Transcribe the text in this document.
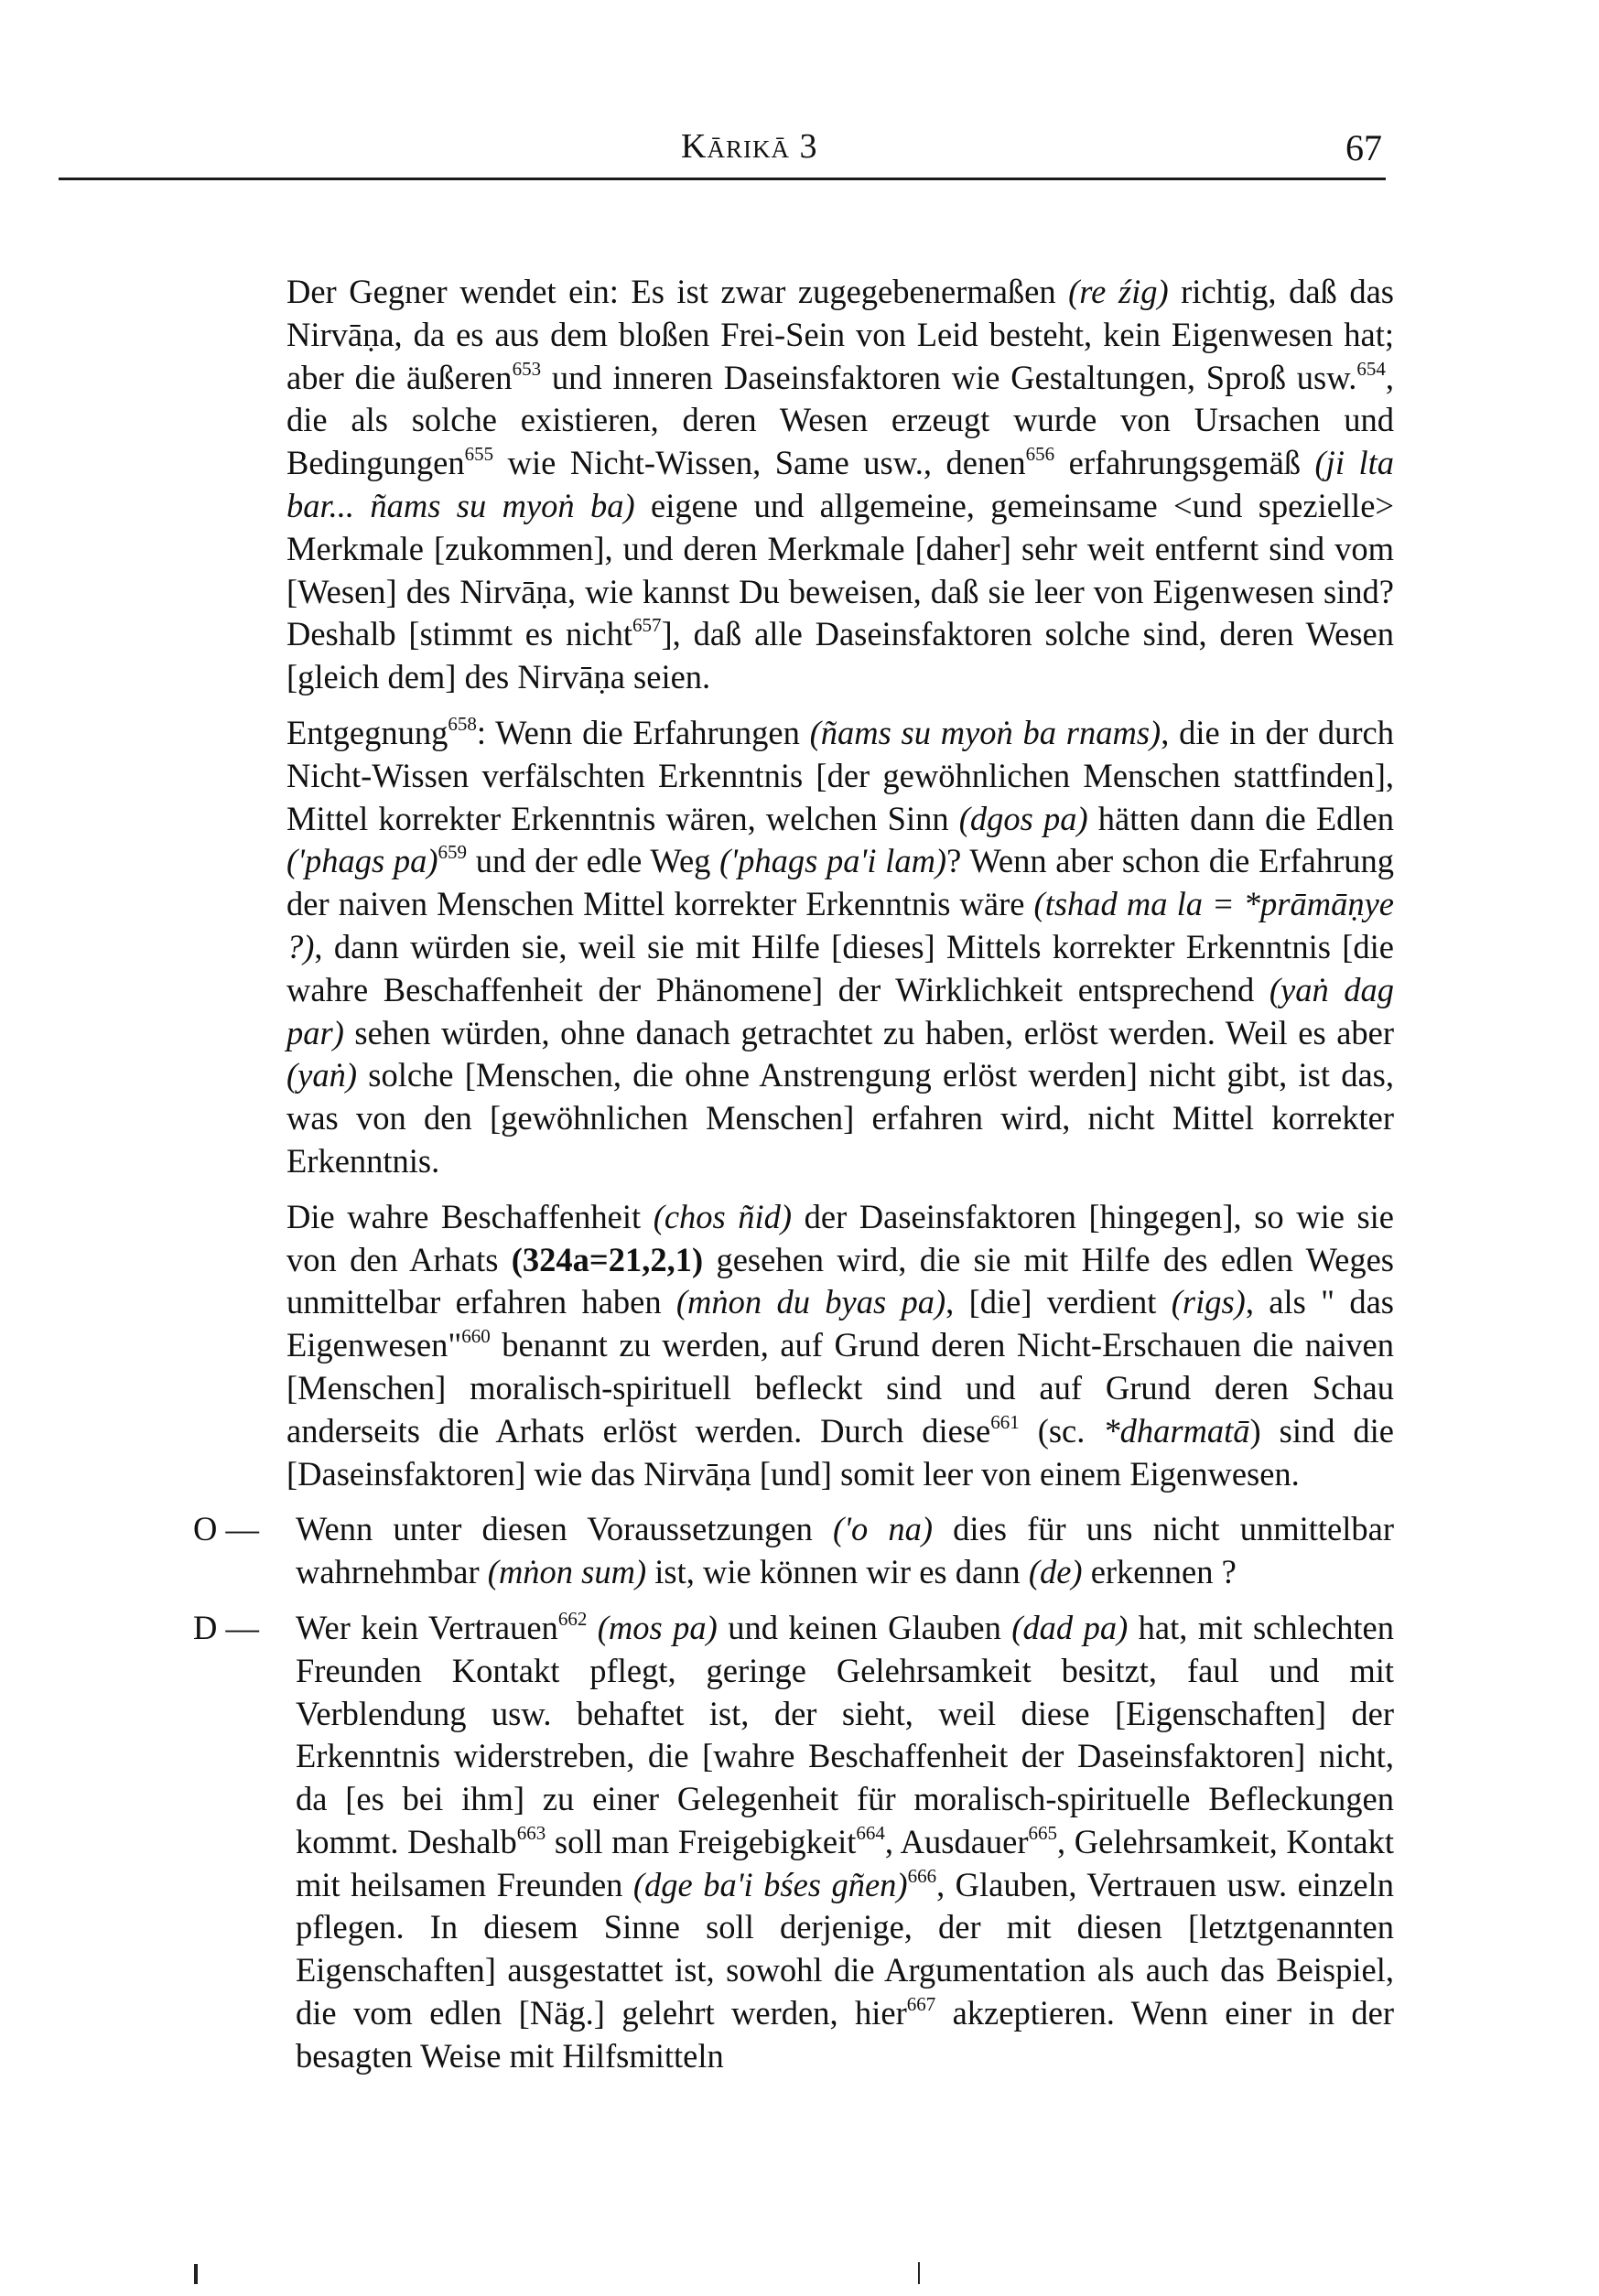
Kārikā 3	67

Der Gegner wendet ein: Es ist zwar zugegebenermaßen (re źig) richtig, daß das Nirvāṇa, da es aus dem bloßen Frei-Sein von Leid besteht, kein Eigenwesen hat; aber die äußeren$^{653}$ und inneren Daseinsfaktoren wie Gestaltungen, Sproß usw.$^{654}$, die als solche existieren, deren Wesen erzeugt wurde von Ursachen und Bedingungen$^{655}$ wie Nicht-Wissen, Same usw., denen$^{656}$ erfahrungsgemäß (ji lta bar... ñams su myoṅ ba) eigene und allgemeine, gemeinsame <und spezielle> Merkmale [zukommen], und deren Merkmale [daher] sehr weit entfernt sind vom [Wesen] des Nirvāṇa, wie kannst Du beweisen, daß sie leer von Eigenwesen sind? Deshalb [stimmt es nicht$^{657}$], daß alle Daseinsfaktoren solche sind, deren Wesen [gleich dem] des Nirvāṇa seien.

Entgegnung$^{658}$: Wenn die Erfahrungen (ñams su myoṅ ba rnams), die in der durch Nicht-Wissen verfälschten Erkenntnis [der gewöhnlichen Menschen stattfinden], Mittel korrekter Erkenntnis wären, welchen Sinn (dgos pa) hätten dann die Edlen ('phags pa)$^{659}$ und der edle Weg ('phags pa'i lam)? Wenn aber schon die Erfahrung der naiven Menschen Mittel korrekter Erkenntnis wäre (tshad ma la = *prāmāṇye ?), dann würden sie, weil sie mit Hilfe [dieses] Mittels korrekter Erkenntnis [die wahre Beschaffenheit der Phänomene] der Wirklichkeit entsprechend (yaṅ dag par) sehen würden, ohne danach getrachtet zu haben, erlöst werden. Weil es aber (yaṅ) solche [Menschen, die ohne Anstrengung erlöst werden] nicht gibt, ist das, was von den [gewöhnlichen Menschen] erfahren wird, nicht Mittel korrekter Erkenntnis.

Die wahre Beschaffenheit (chos ñid) der Daseinsfaktoren [hingegen], so wie sie von den Arhats (324a=21,2,1) gesehen wird, die sie mit Hilfe des edlen Weges unmittelbar erfahren haben (mṅon du byas pa), [die] verdient (rigs), als " das Eigenwesen"$^{660}$ benannt zu werden, auf Grund deren Nicht-Erschauen die naiven [Menschen] moralisch-spirituell befleckt sind und auf Grund deren Schau anderseits die Arhats erlöst werden. Durch diese$^{661}$ (sc. *dharmatā) sind die [Daseinsfaktoren] wie das Nirvāṇa [und] somit leer von einem Eigenwesen.

O — Wenn unter diesen Voraussetzungen ('o na) dies für uns nicht unmittelbar wahrnehmbar (mṅon sum) ist, wie können wir es dann (de) erkennen ?
D — Wer kein Vertrauen$^{662}$ (mos pa) und keinen Glauben (dad pa) hat, mit schlechten Freunden Kontakt pflegt, geringe Gelehrsamkeit besitzt, faul und mit Verblendung usw. behaftet ist, der sieht, weil diese [Eigenschaften] der Erkenntnis widerstreben, die [wahre Beschaffenheit der Daseinsfaktoren] nicht, da [es bei ihm] zu einer Gelegenheit für moralisch-spirituelle Befleckungen kommt. Deshalb$^{663}$ soll man Freigebigkeit$^{664}$, Ausdauer$^{665}$, Gelehrsamkeit, Kontakt mit heilsamen Freunden (dge ba'i bśes gñen)$^{666}$, Glauben, Vertrauen usw. einzeln pflegen. In diesem Sinne soll derjenige, der mit diesen [letztgenannten Eigenschaften] ausgestattet ist, sowohl die Argumentation als auch das Beispiel, die vom edlen [Näg.] gelehrt werden, hier$^{667}$ akzeptieren. Wenn einer in der besagten Weise mit Hilfsmitteln
